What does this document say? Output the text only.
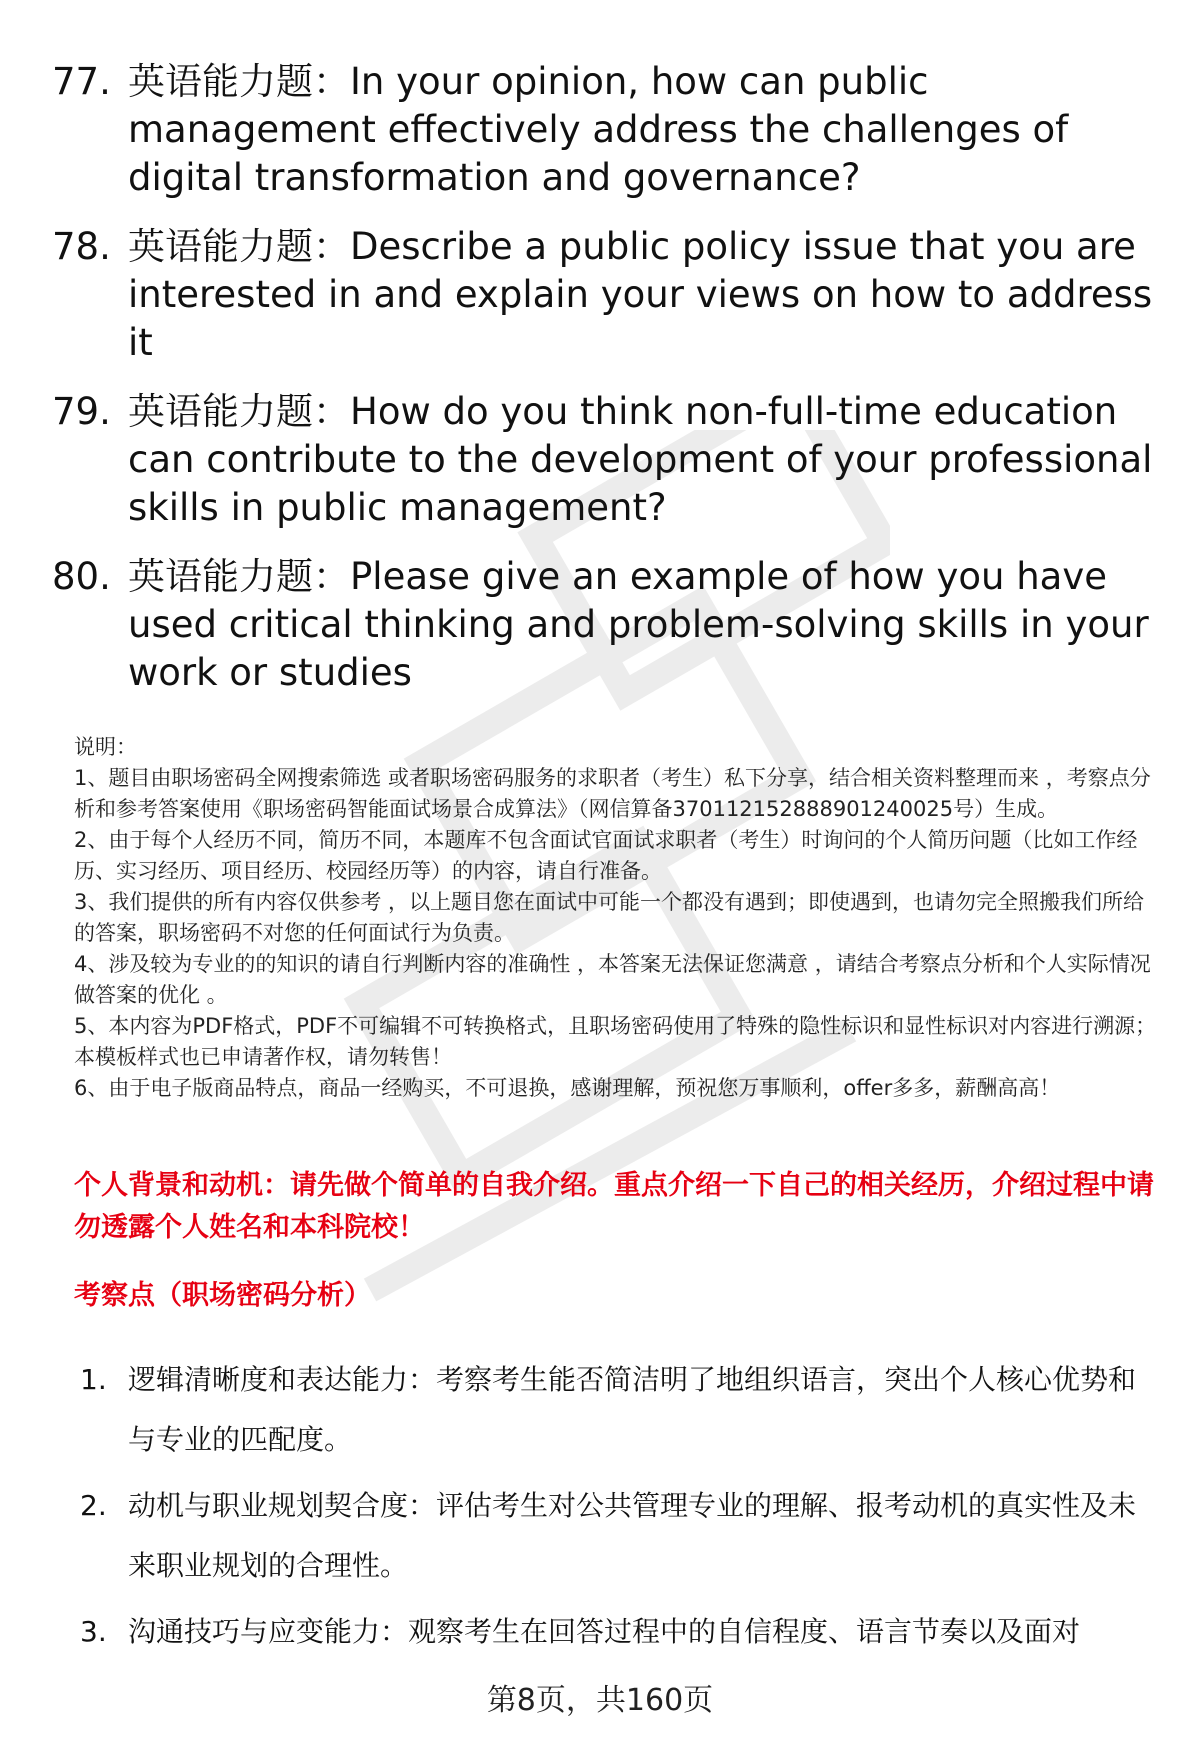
77. 英语能力题：In your opinion, how can public management effectively address the challenges of digital transformation and governance?
78. 英语能力题：Describe a public policy issue that you are interested in and explain your views on how to address it
79. 英语能力题：How do you think non-full-time education can contribute to the development of your professional skills in public management?
80. 英语能力题：Please give an example of how you have used critical thinking and problem-solving skills in your work or studies

说明：

1、题目由职场密码全网搜索筛选 或者职场密码服务的求职者（考生）私下分享，结合相关资料整理而来 ，考察点分析和参考答案使用《职场密码智能面试场景合成算法》（网信算备370112152888901240025号）生成。

2、由于每个人经历不同，简历不同，本题库不包含面试官面试求职者（考生）时询问的个人简历问题（比如工作经历、实习经历、项目经历、校园经历等）的内容，请自行准备。

3、我们提供的所有内容仅供参考 ，以上题目您在面试中可能一个都没有遇到；即使遇到，也请勿完全照搬我们所给的答案，职场密码不对您的任何面试行为负责。

4、涉及较为专业的的知识的请自行判断内容的准确性 ，本答案无法保证您满意 ，请结合考察点分析和个人实际情况做答案的优化 。

5、本内容为PDF格式，PDF不可编辑不可转换格式，且职场密码使用了特殊的隐性标识和显性标识对内容进行溯源；本模板样式也已申请著作权，请勿转售！

6、由于电子版商品特点，商品一经购买，不可退换，感谢理解，预祝您万事顺利，offer多多，薪酬高高！

个人背景和动机：请先做个简单的自我介绍。重点介绍一下自己的相关经历，介绍过程中请勿透露个人姓名和本科院校！
考察点（职场密码分析）
1. 逻辑清晰度和表达能力：考察考生能否简洁明了地组织语言，突出个人核心优势和与专业的匹配度。
2. 动机与职业规划契合度：评估考生对公共管理专业的理解、报考动机的真实性及未来职业规划的合理性。
3. 沟通技巧与应变能力：观察考生在回答过程中的自信程度、语言节奏以及面对
第8页，共160页
